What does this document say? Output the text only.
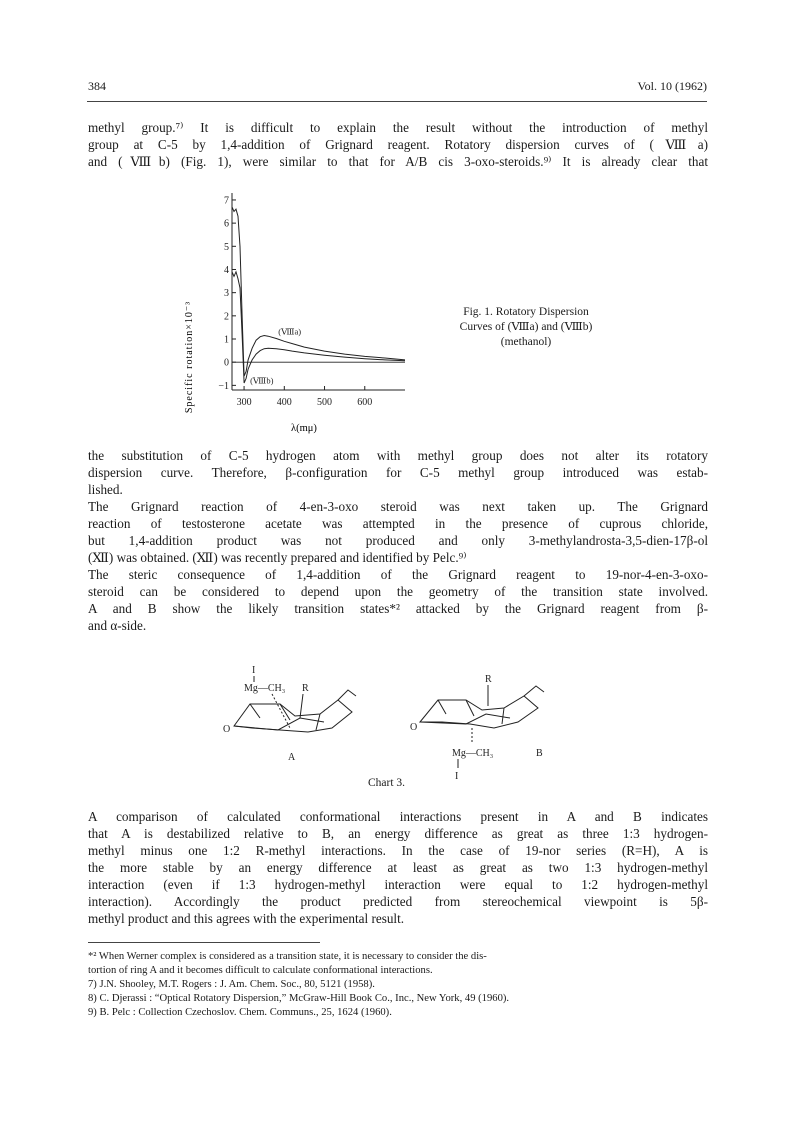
384	Vol. 10 (1962)
methyl group.⁷⁾ It is difficult to explain the result without the introduction of methyl
group at C-5 by 1,4-addition of Grignard reagent. Rotatory dispersion curves of (Ⅷa)
and (Ⅷb) (Fig. 1), were similar to that for A/B cis 3-oxo-steroids.⁹⁾ It is already clear that
7
6
5
4
3
2
1
0
−1
300	400	500	600
(Ⅷa)
(Ⅷb)
Specific rotation×10⁻³
λ(mμ)
Fig. 1. Rotatory Dispersion
Curves of (Ⅷa) and (Ⅷb)
(methanol)
the substitution of C-5 hydrogen atom with methyl group does not alter its rotatory
dispersion curve. Therefore, β-configuration for C-5 methyl group introduced was estab-
lished.
The Grignard reaction of 4-en-3-oxo steroid was next taken up. The Grignard
reaction of testosterone acetate was attempted in the presence of cuprous chloride,
but 1,4-addition product was not produced and only 3-methylandrosta-3,5-dien-17β-ol
(Ⅻ) was obtained. (Ⅻ) was recently prepared and identified by Pelc.⁹⁾
The steric consequence of 1,4-addition of the Grignard reagent to 19-nor-4-en-3-oxo-
steroid can be considered to depend upon the geometry of the transition state involved.
A and B show the likely transition states*² attacked by the Grignard reagent from β-
and α-side.
I
Mg—CH₃ R
O
A
R
O
Mg—CH₃
I
B
Chart 3.
A comparison of calculated conformational interactions present in A and B indicates
that A is destabilized relative to B, an energy difference as great as three 1:3 hydrogen-
methyl minus one 1:2 R-methyl interactions. In the case of 19-nor series (R=H), A is
the more stable by an energy difference at least as great as two 1:3 hydrogen-methyl
interaction (even if 1:3 hydrogen-methyl interaction were equal to 1:2 hydrogen-methyl
interaction). Accordingly the product predicted from stereochemical viewpoint is 5β-
methyl product and this agrees with the experimental result.
*² When Werner complex is considered as a transition state, it is necessary to consider the dis-
tortion of ring A and it becomes difficult to calculate conformational interactions.
7) J.N. Shooley, M.T. Rogers : J. Am. Chem. Soc., 80, 5121 (1958).
8) C. Djerassi : “Optical Rotatory Dispersion,” McGraw-Hill Book Co., Inc., New York, 49 (1960).
9) B. Pelc : Collection Czechoslov. Chem. Communs., 25, 1624 (1960).
